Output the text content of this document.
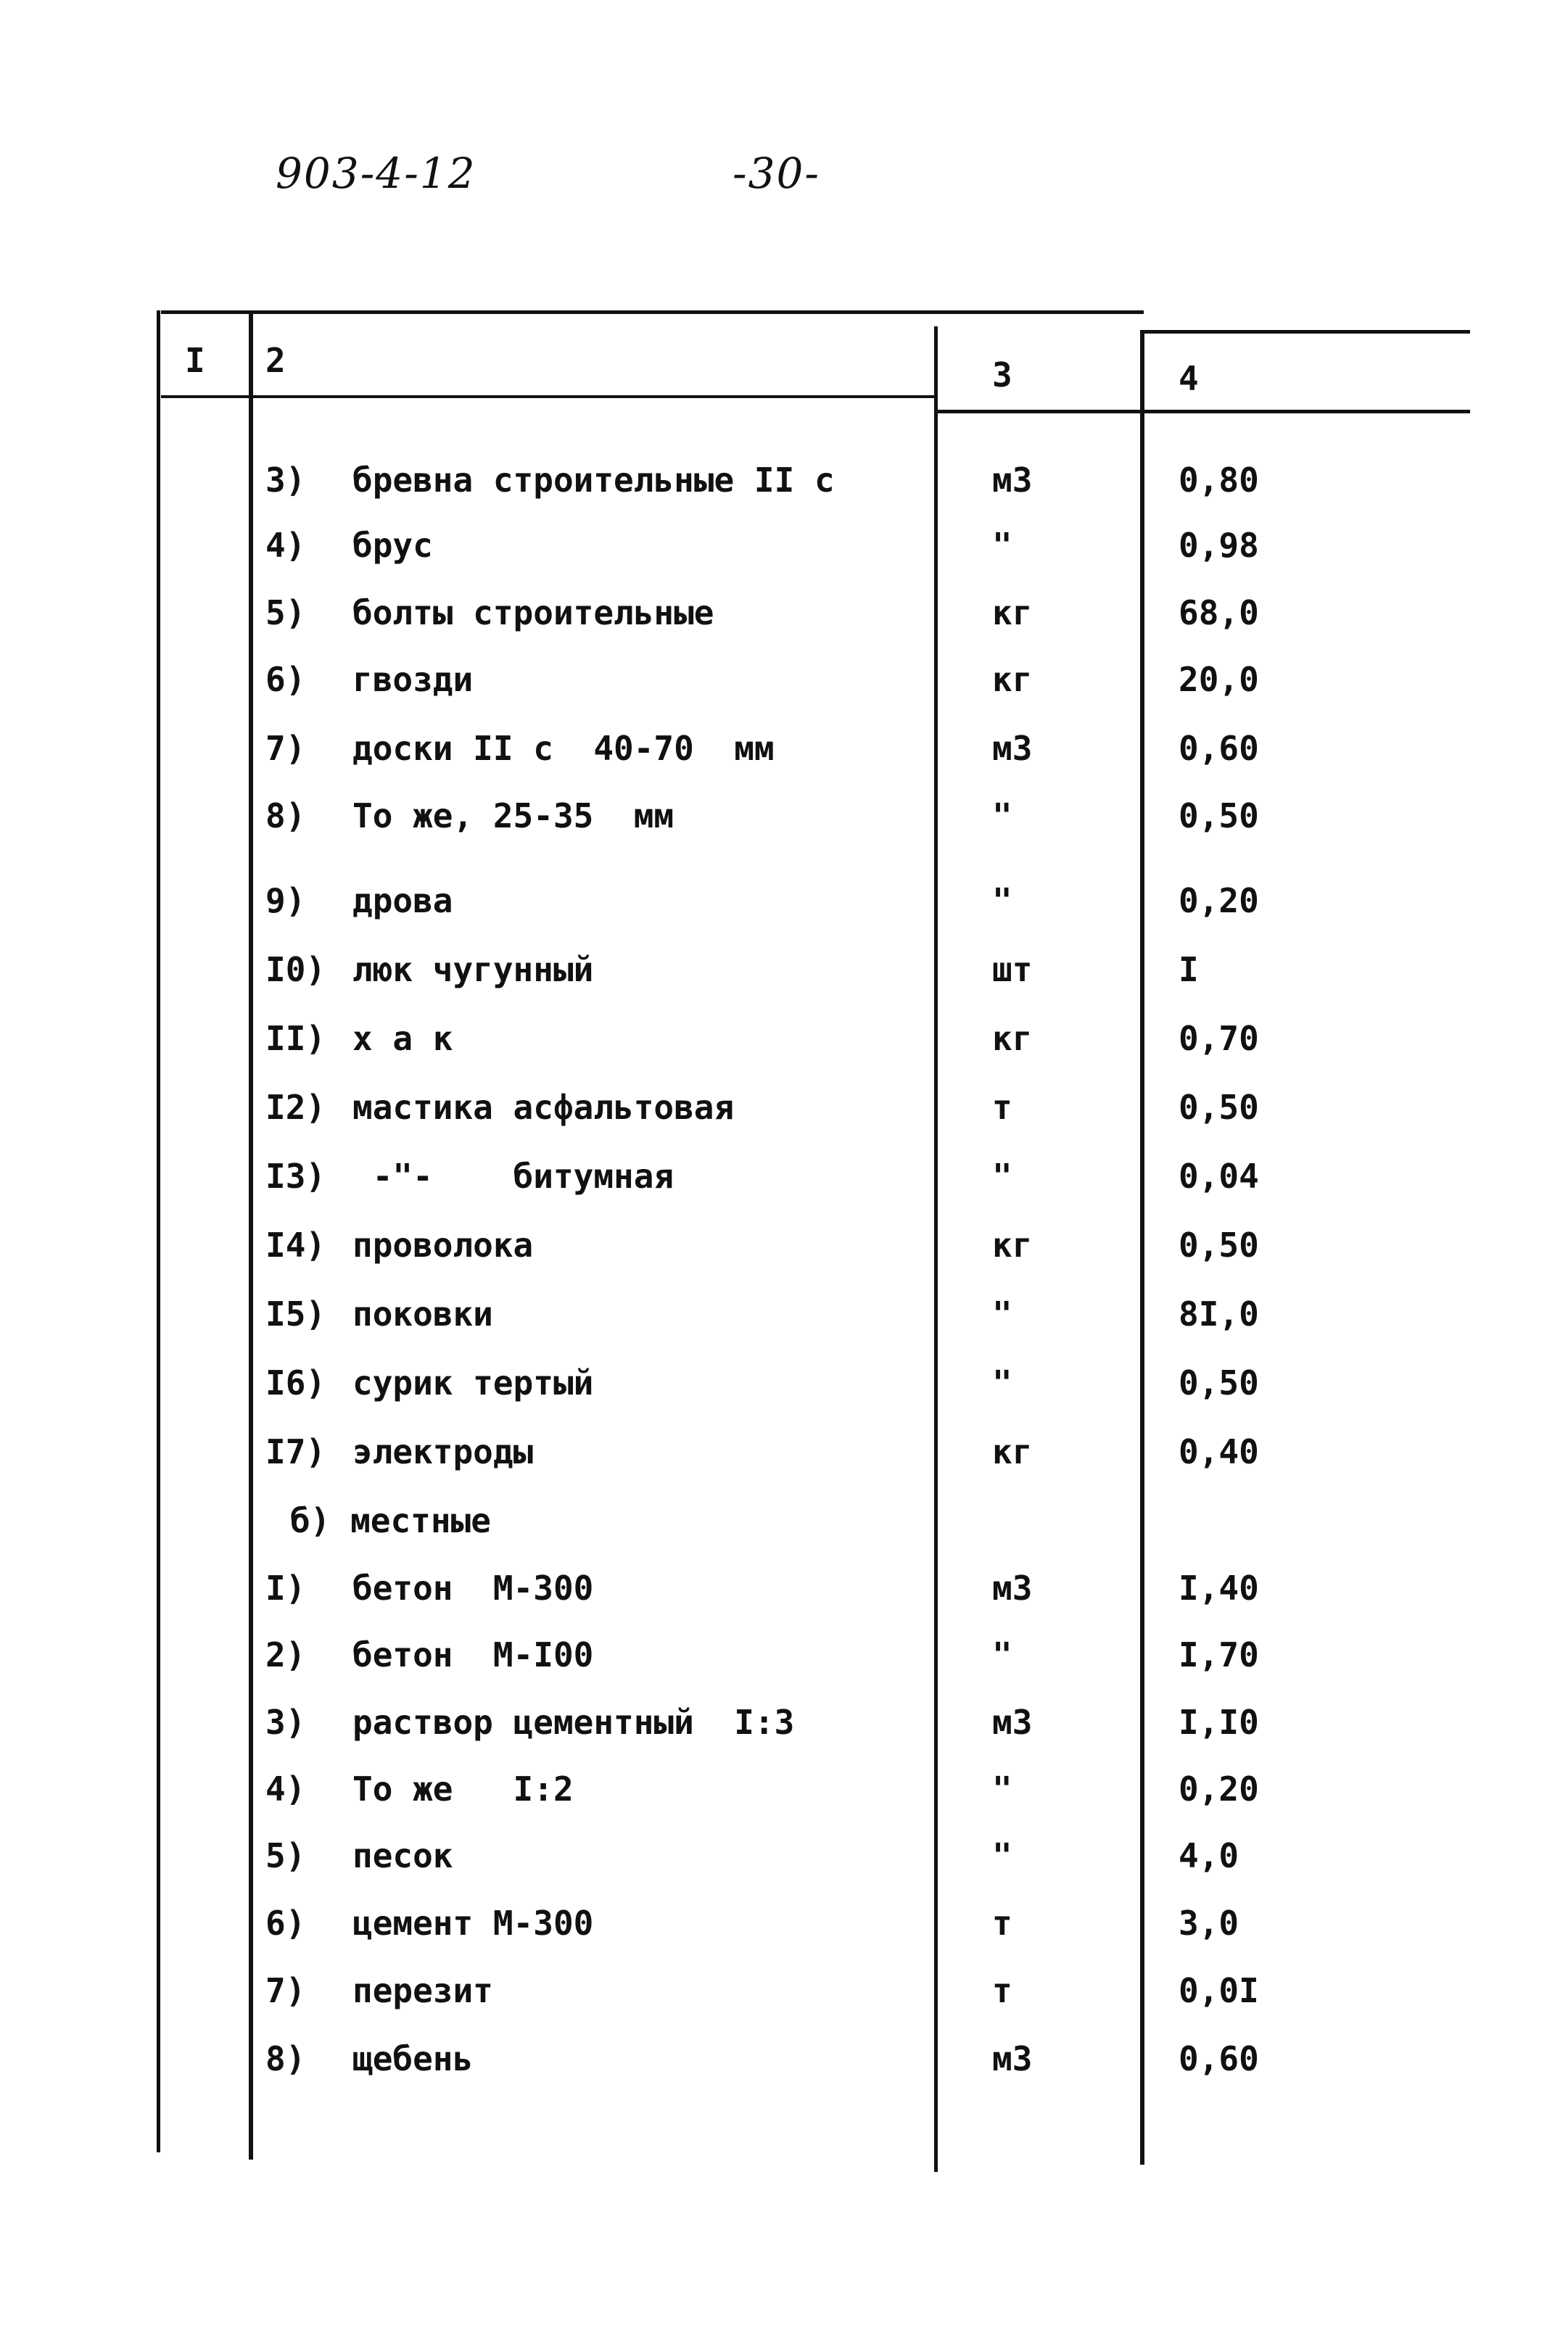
903-4-12	-30-
I 2	3	4
3) бревна строительные II с	м3	0,80
4) брус	"	0,98
5) болты строительные	кг	68,0
6) гвозди	кг	20,0
7) доски II с  40-70  мм	м3	0,60
8) То же, 25-35  мм	"	0,50
9) дрова	"	0,20
I0) люк чугунный	шт	I
II) х а к	кг	0,70
I2) мастика асфальтовая	т	0,50
I3) -"-    битумная	"	0,04
I4) проволока	кг	0,50
I5) поковки	"	8I,0
I6) сурик тертый	"	0,50
I7) электроды	кг	0,40
б) местные
I) бетон  М-300	м3	I,40
2) бетон  М-I00	"	I,70
3) раствор цементный  I:3	м3	I,I0
4) То же   I:2	"	0,20
5) песок	"	4,0
6) цемент М-300	т	3,0
7) перезит	т	0,0I
8) щебень	м3	0,60
